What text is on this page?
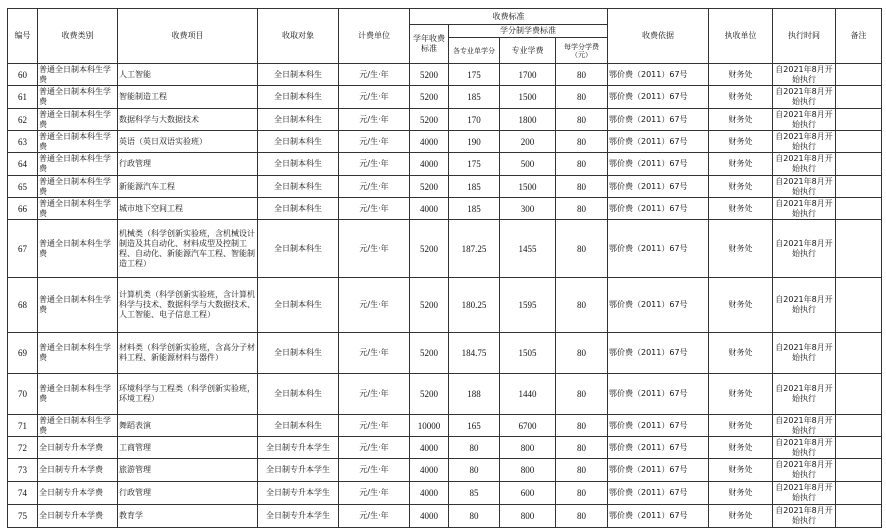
编号	收费类别	收费项目	收取对象	计费单位	收费标准				收费依据	执收单位	执行时间	备注
					学年收费标准	学分制学费标准						
						各专业单学分	专业学费	每学分学费（元）				
60	普通全日制本科生学费	人工智能	全日制本科生	元/生·年	5200	175	1700	80	鄂价费（2011）67号	财务处	自2021年8月开始执行	
61	普通全日制本科生学费	智能制造工程	全日制本科生	元/生·年	5200	185	1500	80	鄂价费（2011）67号	财务处	自2021年8月开始执行	
62	普通全日制本科生学费	数据科学与大数据技术	全日制本科生	元/生·年	5200	170	1800	80	鄂价费（2011）67号	财务处	自2021年8月开始执行	
63	普通全日制本科生学费	英语（英日双语实验班）	全日制本科生	元/生·年	4000	190	200	80	鄂价费（2011）67号	财务处	自2021年8月开始执行	
64	普通全日制本科生学费	行政管理	全日制本科生	元/生·年	4000	175	500	80	鄂价费（2011）67号	财务处	自2021年8月开始执行	
65	普通全日制本科生学费	新能源汽车工程	全日制本科生	元/生·年	5200	185	1500	80	鄂价费（2011）67号	财务处	自2021年8月开始执行	
66	普通全日制本科生学费	城市地下空间工程	全日制本科生	元/生·年	4000	185	300	80	鄂价费（2011）67号	财务处	自2021年8月开始执行	
67	普通全日制本科生学费	机械类（科学创新实验班，含机械设计制造及其自动化、材料成型及控制工程、自动化、新能源汽车工程、智能制造工程）	全日制本科生	元/生·年	5200	187.25	1455	80	鄂价费（2011）67号	财务处	自2021年8月开始执行	
68	普通全日制本科生学费	计算机类（科学创新实验班，含计算机科学与技术、数据科学与大数据技术、人工智能、电子信息工程）	全日制本科生	元/生·年	5200	180.25	1595	80	鄂价费（2011）67号	财务处	自2021年8月开始执行	
69	普通全日制本科生学费	材料类（科学创新实验班，含高分子材料工程、新能源材料与器件）	全日制本科生	元/生·年	5200	184.75	1505	80	鄂价费（2011）67号	财务处	自2021年8月开始执行	
70	普通全日制本科生学费	环境科学与工程类（科学创新实验班，环境工程）	全日制本科生	元/生·年	5200	188	1440	80	鄂价费（2011）67号	财务处	自2021年8月开始执行	
71	普通全日制本科生学费	舞蹈表演	全日制本科生	元/生·年	10000	165	6700	80	鄂价费（2011）67号	财务处	自2021年8月开始执行	
72	全日制专升本学费	工商管理	全日制专升本学生	元/生·年	4000	80	800	80	鄂价费（2011）67号	财务处	自2021年8月开始执行	
73	全日制专升本学费	旅游管理	全日制专升本学生	元/生·年	4000	80	800	80	鄂价费（2011）67号	财务处	自2021年8月开始执行	
74	全日制专升本学费	行政管理	全日制专升本学生	元/生·年	4000	85	600	80	鄂价费（2011）67号	财务处	自2021年8月开始执行	
75	全日制专升本学费	教育学	全日制专升本学生	元/生·年	4000	80	800	80	鄂价费（2011）67号	财务处	自2021年8月开始执行	
